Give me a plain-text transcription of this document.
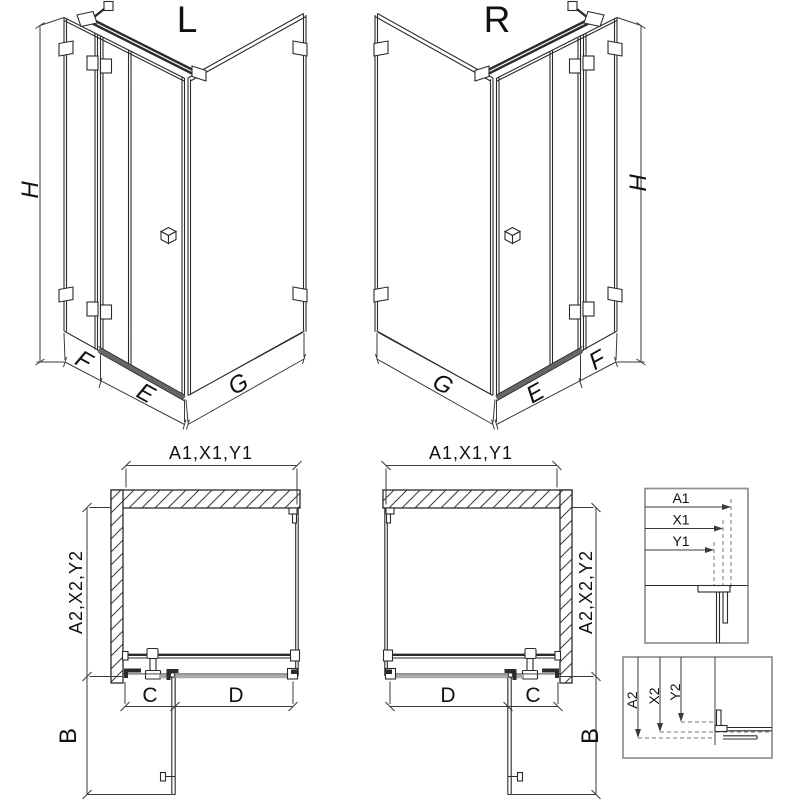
L
H
F
E	G
R
H
F
E
G
A1,X1,Y1
A2,X2,Y2
B
C	D
A1,X1,Y1
A2,X2,Y2
B
D	C
A1
X1
Y1
A2 X2 Y2
